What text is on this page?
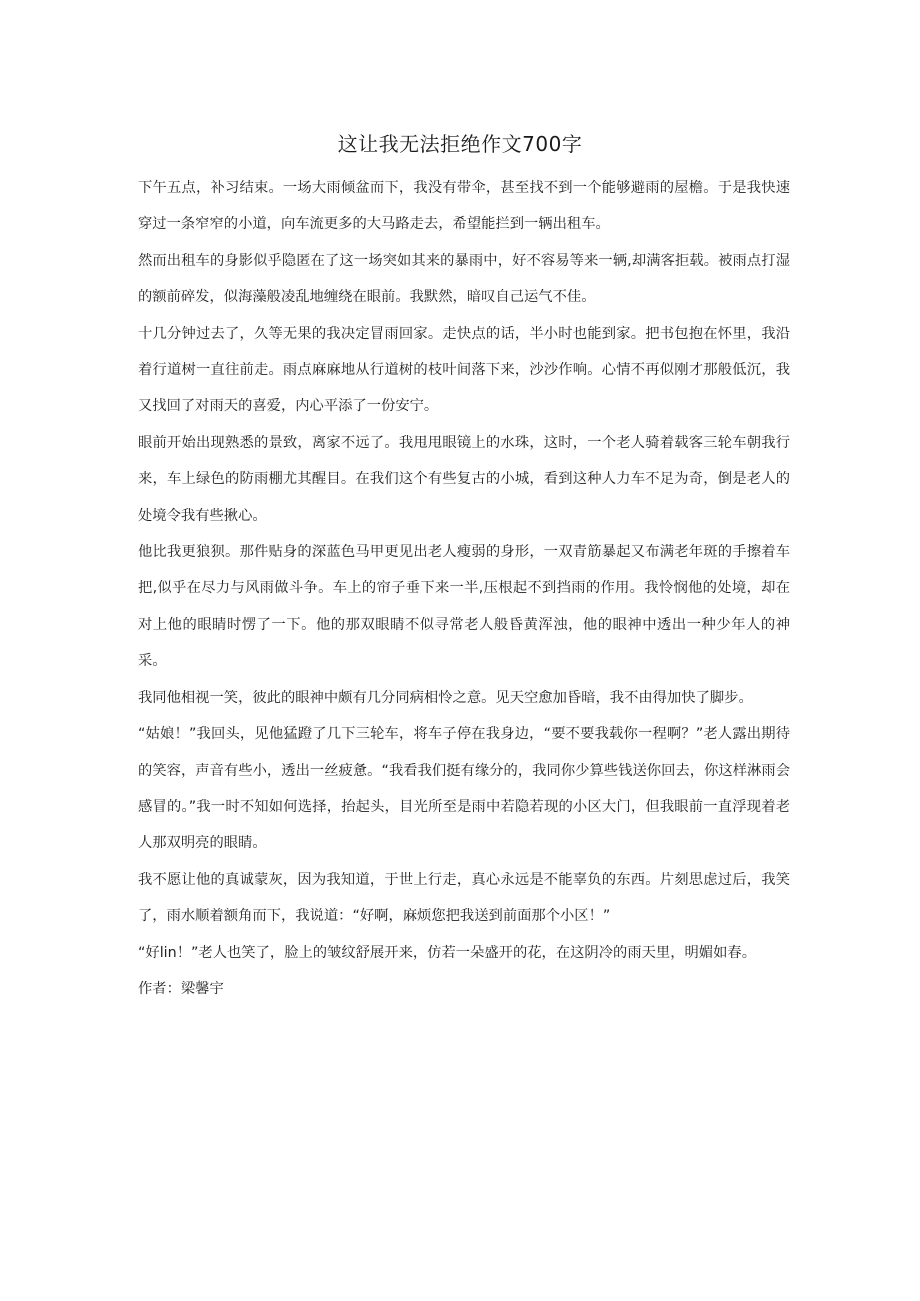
这让我无法拒绝作文700字

下午五点，补习结束。一场大雨倾盆而下，我没有带伞，甚至找不到一个能够避雨的屋檐。于是我快速穿过一条窄窄的小道，向车流更多的大马路走去，希望能拦到一辆出租车。

然而出租车的身影似乎隐匿在了这一场突如其来的暴雨中，好不容易等来一辆,却满客拒载。被雨点打湿的额前碎发，似海藻般凌乱地缠绕在眼前。我默然，暗叹自己运气不佳。

十几分钟过去了，久等无果的我决定冒雨回家。走快点的话，半小时也能到家。把书包抱在怀里，我沿着行道树一直往前走。雨点麻麻地从行道树的枝叶间落下来，沙沙作响。心情不再似刚才那般低沉，我又找回了对雨天的喜爱，内心平添了一份安宁。

眼前开始出现熟悉的景致，离家不远了。我甩甩眼镜上的水珠，这时，一个老人骑着载客三轮车朝我行来，车上绿色的防雨棚尤其醒目。在我们这个有些复古的小城，看到这种人力车不足为奇，倒是老人的处境令我有些揪心。

他比我更狼狈。那件贴身的深蓝色马甲更见出老人瘦弱的身形，一双青筋暴起又布满老年斑的手擦着车把,似乎在尽力与风雨做斗争。车上的帘子垂下来一半,压根起不到挡雨的作用。我怜悯他的处境，却在对上他的眼睛时愣了一下。他的那双眼睛不似寻常老人般昏黄浑浊，他的眼神中透出一种少年人的神采。

我同他相视一笑，彼此的眼神中颇有几分同病相怜之意。见天空愈加昏暗，我不由得加快了脚步。

“姑娘！”我回头，见他猛蹬了几下三轮车，将车子停在我身边，“要不要我载你一程啊？”老人露出期待的笑容，声音有些小，透出一丝疲惫。“我看我们挺有缘分的，我同你少算些钱送你回去，你这样淋雨会感冒的。”我一时不知如何选择，抬起头，目光所至是雨中若隐若现的小区大门，但我眼前一直浮现着老人那双明亮的眼睛。

我不愿让他的真诚蒙灰，因为我知道，于世上行走，真心永远是不能辜负的东西。片刻思虑过后，我笑了，雨水顺着额角而下，我说道：“好啊，麻烦您把我送到前面那个小区！”

“好lin！”老人也笑了，脸上的皱纹舒展开来，仿若一朵盛开的花，在这阴冷的雨天里，明媚如春。

作者：梁馨宇
